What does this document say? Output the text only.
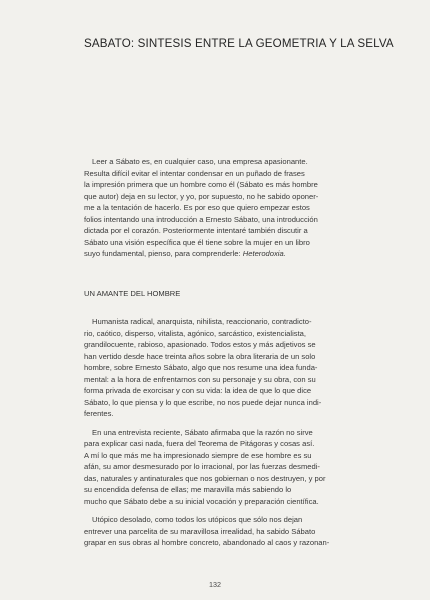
SABATO: SINTESIS ENTRE LA GEOMETRIA Y LA SELVA

Leer a Sábato es, en cualquier caso, una empresa apasionante.
Resulta difícil evitar el intentar condensar en un puñado de frases
la impresión primera que un hombre como él (Sábato es más hombre
que autor) deja en su lector, y yo, por supuesto, no he sabido oponer-
me a la tentación de hacerlo. Es por eso que quiero empezar estos
folios intentando una introducción a Ernesto Sábato, una introducción
dictada por el corazón. Posteriormente intentaré también discutir a
Sábato una visión específica que él tiene sobre la mujer en un libro
suyo fundamental, pienso, para comprenderle: Heterodoxia.

UN AMANTE DEL HOMBRE

Humanista radical, anarquista, nihilista, reaccionario, contradicto-
rio, caótico, disperso, vitalista, agónico, sarcástico, existencialista,
grandilocuente, rabioso, apasionado. Todos estos y más adjetivos se
han vertido desde hace treinta años sobre la obra literaria de un solo
hombre, sobre Ernesto Sábato, algo que nos resume una idea funda-
mental: a la hora de enfrentarnos con su personaje y su obra, con su
forma privada de exorcisar y con su vida: la idea de que lo que dice
Sábato, lo que piensa y lo que escribe, no nos puede dejar nunca indi-
ferentes.

En una entrevista reciente, Sábato afirmaba que la razón no sirve
para explicar casi nada, fuera del Teorema de Pitágoras y cosas así.
A mí lo que más me ha impresionado siempre de ese hombre es su
afán, su amor desmesurado por lo irracional, por las fuerzas desmedi-
das, naturales y antinaturales que nos gobiernan o nos destruyen, y por
su encendida defensa de ellas; me maravilla más sabiendo lo
mucho que Sábato debe a su inicial vocación y preparación científica.

Utópico desolado, como todos los utópicos que sólo nos dejan
entrever una parcelita de su maravillosa irrealidad, ha sabido Sábato
grapar en sus obras al hombre concreto, abandonado al caos y razonan-

132
